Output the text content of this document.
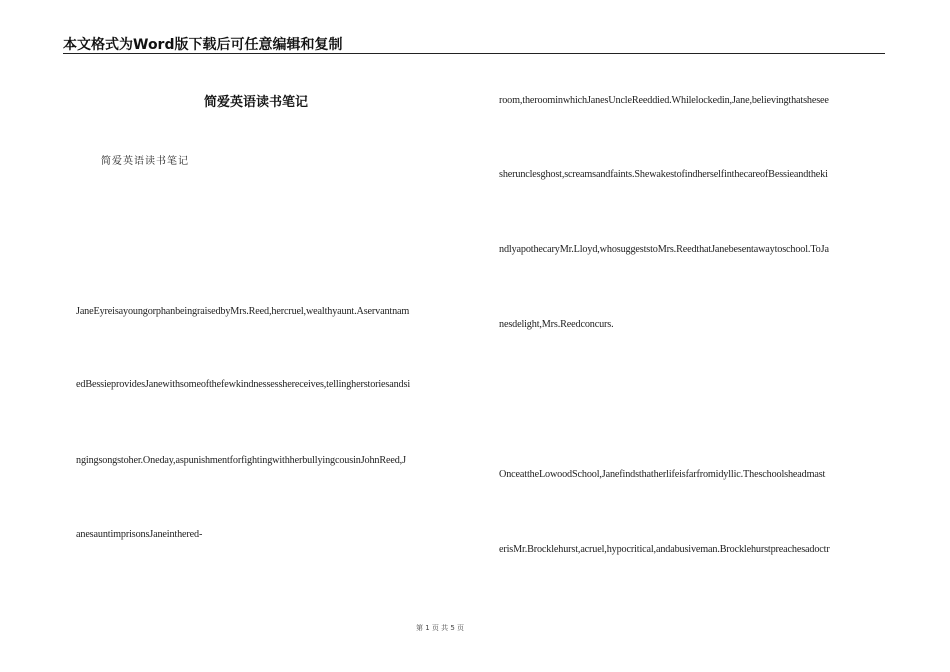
本文格式为Word版下载后可任意编辑和复制
简爱英语读书笔记
简爱英语读书笔记
JaneEyreisayoungorphanbeingraisedbyMrs.Reed,hercruel,wealthyaunt.Aservantnam
edBessieprovidesJanewithsomeofthefewkindnessesshereceives,tellingherstoriesandsi
ngingsongstoher.Oneday,aspunishmentforfightingwithherbullyingcousinJohnReed,J
anesauntimprisonsJaneinthered-
room,theroominwhichJanesUncleReeddied.Whilelockedin,Jane,believingthatshesee
sherunclesghost,screamsandfaints.ShewakestofindherselfinthecareofBessieandtheki
ndlyapothecaryMr.Lloyd,whosuggeststoMrs.ReedthatJanebesentawaytoschool.ToJa
nesdelight,Mrs.Reedconcurs.
OnceattheLowoodSchool,Janefindsthatherlifeisfarfromidyllic.Theschoolsheadmast
erisMr.Brocklehurst,acruel,hypocritical,andabusiveman.Brocklehurstpreachesadoctr
第 1 页 共 5 页
